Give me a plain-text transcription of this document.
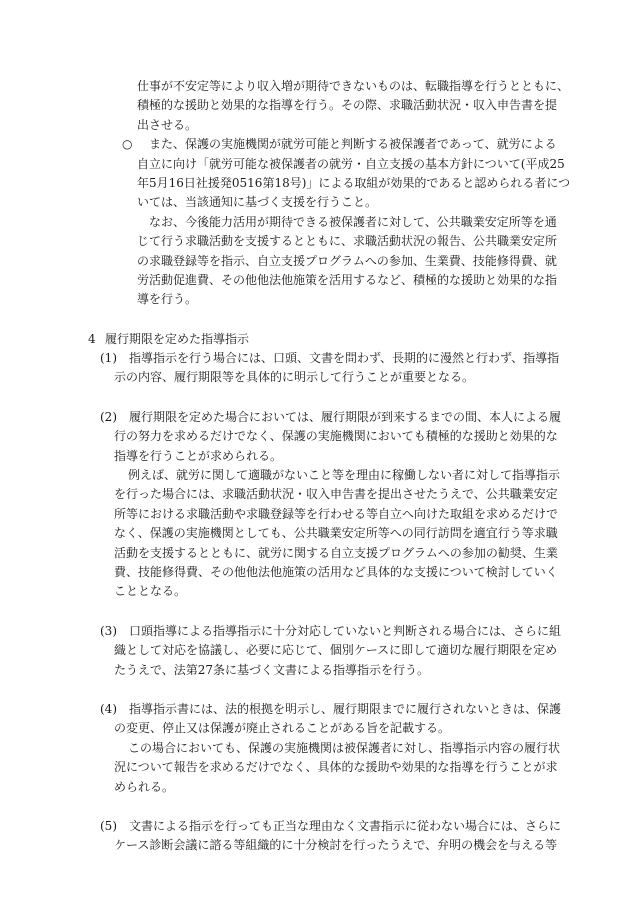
仕事が不安定等により収入増が期待できないものは、転職指導を行うとともに、
積極的な援助と効果的な指導を行う。その際、求職活動状況・収入申告書を提
出させる。
○ また、保護の実施機関が就労可能と判断する被保護者であって、就労による
自立に向け「就労可能な被保護者の就労・自立支援の基本方針について(平成25
年5月16日社援発0516第18号)」による取組が効果的であると認められる者につ
いては、当該通知に基づく支援を行うこと。
なお、今後能力活用が期待できる被保護者に対して、公共職業安定所等を通
じて行う求職活動を支援するとともに、求職活動状況の報告、公共職業安定所
の求職登録等を指示、自立支援プログラムへの参加、生業費、技能修得費、就
労活動促進費、その他他法他施策を活用するなど、積極的な援助と効果的な指
導を行う。
4 履行期限を定めた指導指示
(1) 指導指示を行う場合には、口頭、文書を問わず、長期的に漫然と行わず、指導指
示の内容、履行期限等を具体的に明示して行うことが重要となる。
(2) 履行期限を定めた場合においては、履行期限が到来するまでの間、本人による履
行の努力を求めるだけでなく、保護の実施機関においても積極的な援助と効果的な
指導を行うことが求められる。
例えば、就労に関して適職がないこと等を理由に稼働しない者に対して指導指示
を行った場合には、求職活動状況・収入申告書を提出させたうえで、公共職業安定
所等における求職活動や求職登録等を行わせる等自立へ向けた取組を求めるだけで
なく、保護の実施機関としても、公共職業安定所等への同行訪問を適宜行う等求職
活動を支援するとともに、就労に関する自立支援プログラムへの参加の勧奨、生業
費、技能修得費、その他他法他施策の活用など具体的な支援について検討していく
こととなる。
(3) 口頭指導による指導指示に十分対応していないと判断される場合には、さらに組
織として対応を協議し、必要に応じて、個別ケースに即して適切な履行期限を定め
たうえで、法第27条に基づく文書による指導指示を行う。
(4) 指導指示書には、法的根拠を明示し、履行期限までに履行されないときは、保護
の変更、停止又は保護が廃止されることがある旨を記載する。
この場合においても、保護の実施機関は被保護者に対し、指導指示内容の履行状
況について報告を求めるだけでなく、具体的な援助や効果的な指導を行うことが求
められる。
(5) 文書による指示を行っても正当な理由なく文書指示に従わない場合には、さらに
ケース診断会議に諮る等組織的に十分検討を行ったうえで、弁明の機会を与える等
